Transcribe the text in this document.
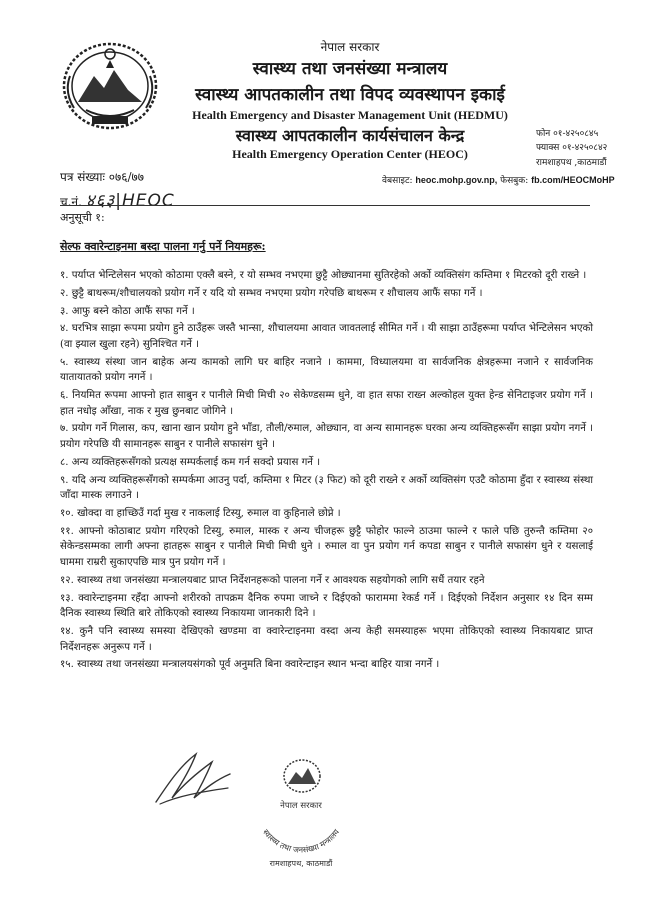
नेपाल सरकार
स्वास्थ्य तथा जनसंख्या मन्त्रालय
स्वास्थ्य आपतकालीन तथा विपद व्यवस्थापन इकाई
Health Emergency and Disaster Management Unit (HEDMU)
स्वास्थ्य आपतकालीन कार्यसंचालन केन्द्र
Health Emergency Operation Center (HEOC)
फोन ०१-४२५०८४५
फ्याक्स ०१-४२५०८४२
रामशाहपथ ,काठमाडौं
पत्र संख्याः ०७६/७७
च.नं. ४६३|HEOC
वेबसाइट: heoc.mohp.gov.np, फेसबुक: fb.com/HEOCMoHP
अनुसूची १:
सेल्फ क्वारेन्टाइनमा बस्दा पालना गर्नु पर्ने नियमहरू:
१. पर्याप्त भेन्टिलेसन भएको कोठामा एक्लै बस्ने, र यो सम्भव नभएमा छुट्टै ओछ्यानमा सुतिरहेको अर्को व्यक्तिसंग कम्तिमा १ मिटरको दूरी राख्ने ।
२. छुट्टै बाथरूम/शौचालयको प्रयोग गर्ने र यदि यो सम्भव नभएमा प्रयोग गरेपछि बाथरूम र शौचालय आफैं सफा गर्ने ।
३. आफु बस्ने कोठा आफैं सफा गर्ने ।
४. घरभित्र साझा रूपमा प्रयोग हुने ठाउँहरू जस्तै भान्सा, शौचालयमा आवात जावतलाई सीमित गर्ने । यी साझा ठाउँहरूमा पर्याप्त भेन्टिलेसन भएको (वा झ्याल खुला रहने) सुनिश्चित गर्ने ।
५. स्वास्थ्य संस्था जान बाहेक अन्य कामको लागि घर बाहिर नजाने । काममा, विध्यालयमा वा सार्वजनिक क्षेत्रहरूमा नजाने र सार्वजनिक यातायातको प्रयोग नगर्ने ।
६. नियमित रूपमा आफ्नो हात साबुन र पानीले मिची मिची २० सेकेण्डसम्म धुने, वा हात सफा राख्न अल्कोहल युक्त हेन्ड सेनिटाइजर प्रयोग गर्ने । हात नधोइ आँखा, नाक र मुख छुनबाट जोगिने ।
७. प्रयोग गर्ने गिलास, कप, खाना खान प्रयोग हुने भाँडा, तौली/रुमाल, ओछ्यान, वा अन्य सामानहरू घरका अन्य व्यक्तिहरूसँग साझा प्रयोग नगर्ने । प्रयोग गरेपछि यी सामानहरू साबुन र पानीले सफासंग धुने ।
८. अन्य व्यक्तिहरूसँगको प्रत्यक्ष सम्पर्कलाई कम गर्न सक्दो प्रयास गर्ने ।
९. यदि अन्य व्यक्तिहरूसँगको सम्पर्कमा आउनु पर्दा, कम्तिमा १ मिटर (३ फिट) को दूरी राख्ने र अर्को व्यक्तिसंग एउटै कोठामा हुँदा र स्वास्थ्य संस्था जाँदा मास्क लगाउने ।
१०. खोक्दा वा हाच्छिउँ गर्दा मुख र नाकलाई टिस्यु, रुमाल वा कुहिनाले छोप्ने ।
११. आफ्नो कोठाबाट प्रयोग गरिएको टिस्यु, रुमाल, मास्क र अन्य चीजहरू छुट्टै फोहोर फाल्ने ठाउमा फाल्ने र फाले पछि तुरुन्तै कम्तिमा २० सेकेन्डसम्मका लागी अफ्ना हातहरू साबुन र पानीले मिची मिची धुने । रुमाल वा पुन प्रयोग गर्न कपडा साबुन र पानीले सफासंग धुने र यसलाई घाममा राम्ररी सुकाएपछि मात्र पुन प्रयोग गर्ने ।
१२. स्वास्थ्य तथा जनसंख्या मन्त्रालयबाट प्राप्त निर्देशनहरूको पालना गर्ने र आवश्यक सहयोगको लागि सधैं तयार रहने
१३. क्वारेन्टाइनमा रहँदा आफ्नो शरीरको तापक्रम दैनिक रुपमा जाच्ने र दिईएको फाराममा रेकर्ड गर्ने । दिईएको निर्देशन अनुसार १४ दिन सम्म दैनिक स्वास्थ्य स्थिति बारे तोकिएको स्वास्थ्य निकायमा जानकारी दिने ।
१४. कुनै पनि स्वास्थ्य समस्या देखिएको खण्डमा वा क्वारेन्टाइनमा वस्दा अन्य केही समस्याहरू भएमा तोकिएको स्वास्थ्य निकायबाट प्राप्त निर्देशनहरू अनुरूप गर्ने ।
१५. स्वास्थ्य तथा जनसंख्या मन्त्रालयसंगको पूर्व अनुमति बिना क्वारेन्टाइन स्थान भन्दा बाहिर यात्रा नगर्ने ।
नेपाल सरकार
स्वास्थ्य तथा जनसंख्या मन्त्रालय
रामशाहपथ, काठमाडौं
